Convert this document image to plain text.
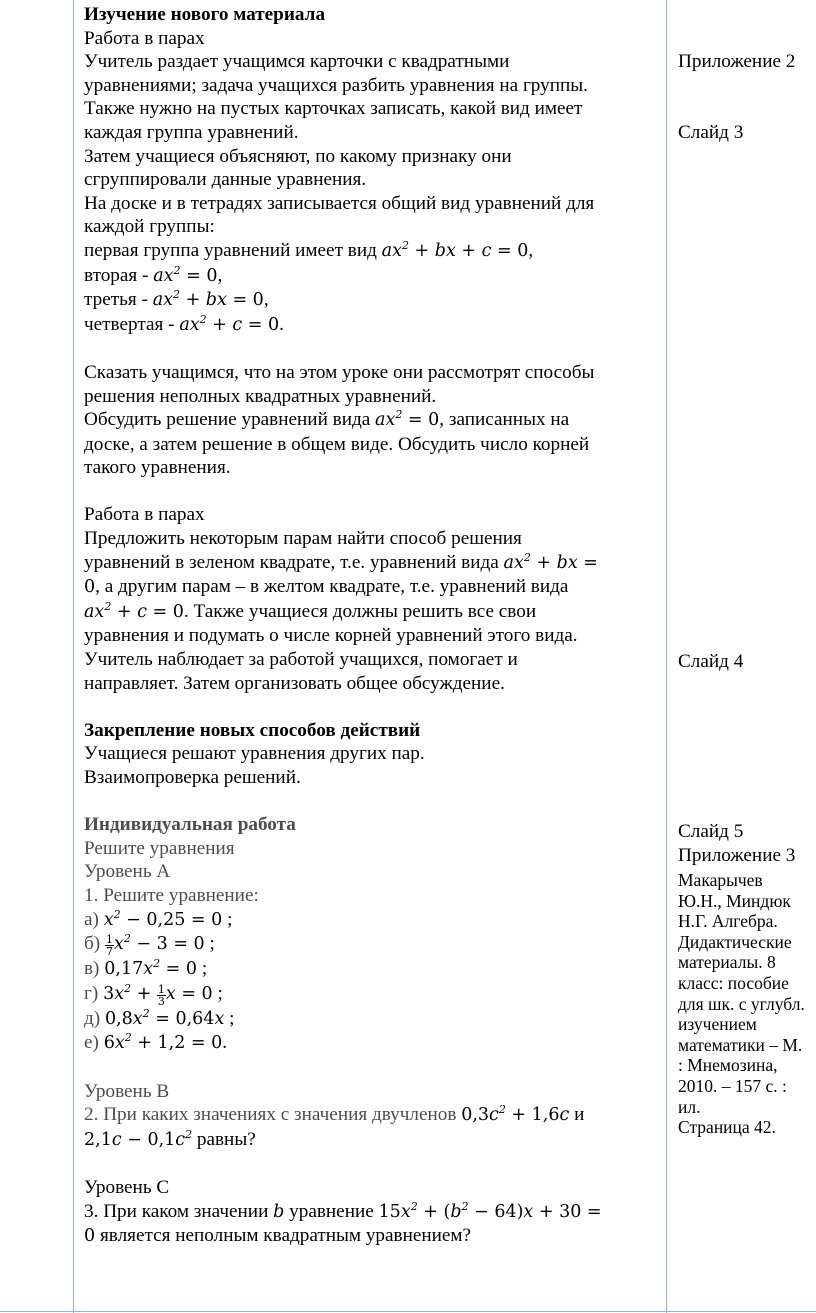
Изучение нового материала

Работа в парах

Учитель раздает учащимся карточки с квадратными

уравнениями; задача учащихся разбить уравнения на группы.

Также нужно на пустых карточках записать, какой вид имеет

каждая группа уравнений.

Затем учащиеся объясняют, по какому признаку они

сгруппировали данные уравнения.

На доске и в тетрадях записывается общий вид уравнений для

каждой группы:

первая группа уравнений имеет вид $ax^2$ + bx + c = 0,

вторая - $ax^2 = 0$,

третья - $ax^2$ + bx = 0,

четвертая - $ax^2 + c = 0$.

Сказать учащимся, что на этом уроке они рассмотрят способы

решения неполных квадратных уравнений.

Обсудить решение уравнений вида $ax^2 = 0$, записанных на

доске, а затем решение в общем виде. Обсудить число корней

такого уравнения.

Работа в парах

Предложить некоторым парам найти способ решения

уравнений в зеленом квадрате, т.е. уравнений вида $ax^2$ + bx =

0, а другим парам – в желтом квадрате, т.е. уравнений вида

$ax^2 + c = 0$. Также учащиеся должны решить все свои

уравнения и подумать о числе корней уравнений этого вида.

Учитель наблюдает за работой учащихся, помогает и

направляет. Затем организовать общее обсуждение.

Закрепление новых способов действий

Учащиеся решают уравнения других пар.

Взаимопроверка решений.

Индивидуальная работа

Решите уравнения

Уровень А

1. Решите уравнение:

а) $x^2 - 0,25 = 0$ ;

$б) \frac{1}{7} x^2 - 3 = 0$ ;

в) $0,17x^2 = 0$ ;

г) $3x^2 + \frac{1}{3}$ x = 0 ;

д) $0,8x^2 = 0,64x$ ;

е) $6x^2 + 1,2 = 0$.

Уровень В

2. При каких значениях с значения двучленов $0,3c^2 + 1,6c$ и

$2,1c - 0,1c^2$ равны?

Уровень С

3. При каком значении b уравнение $15x^2 + (b^2 - 64)x + 30$ =

0 является неполным квадратным уравнением?

Приложение 2

Слайд 3

Слайд 4

Слайд 5

Приложение 3

Макарычев

Ю.Н., Миндюк

Н.Г. Алгебра.

Дидактические

материалы. 8

класс: пособие

для шк. с углубл.

изучением

математики – М.

: Мнемозина,

2010. – 157 с. :

ил.

Страница 42.
